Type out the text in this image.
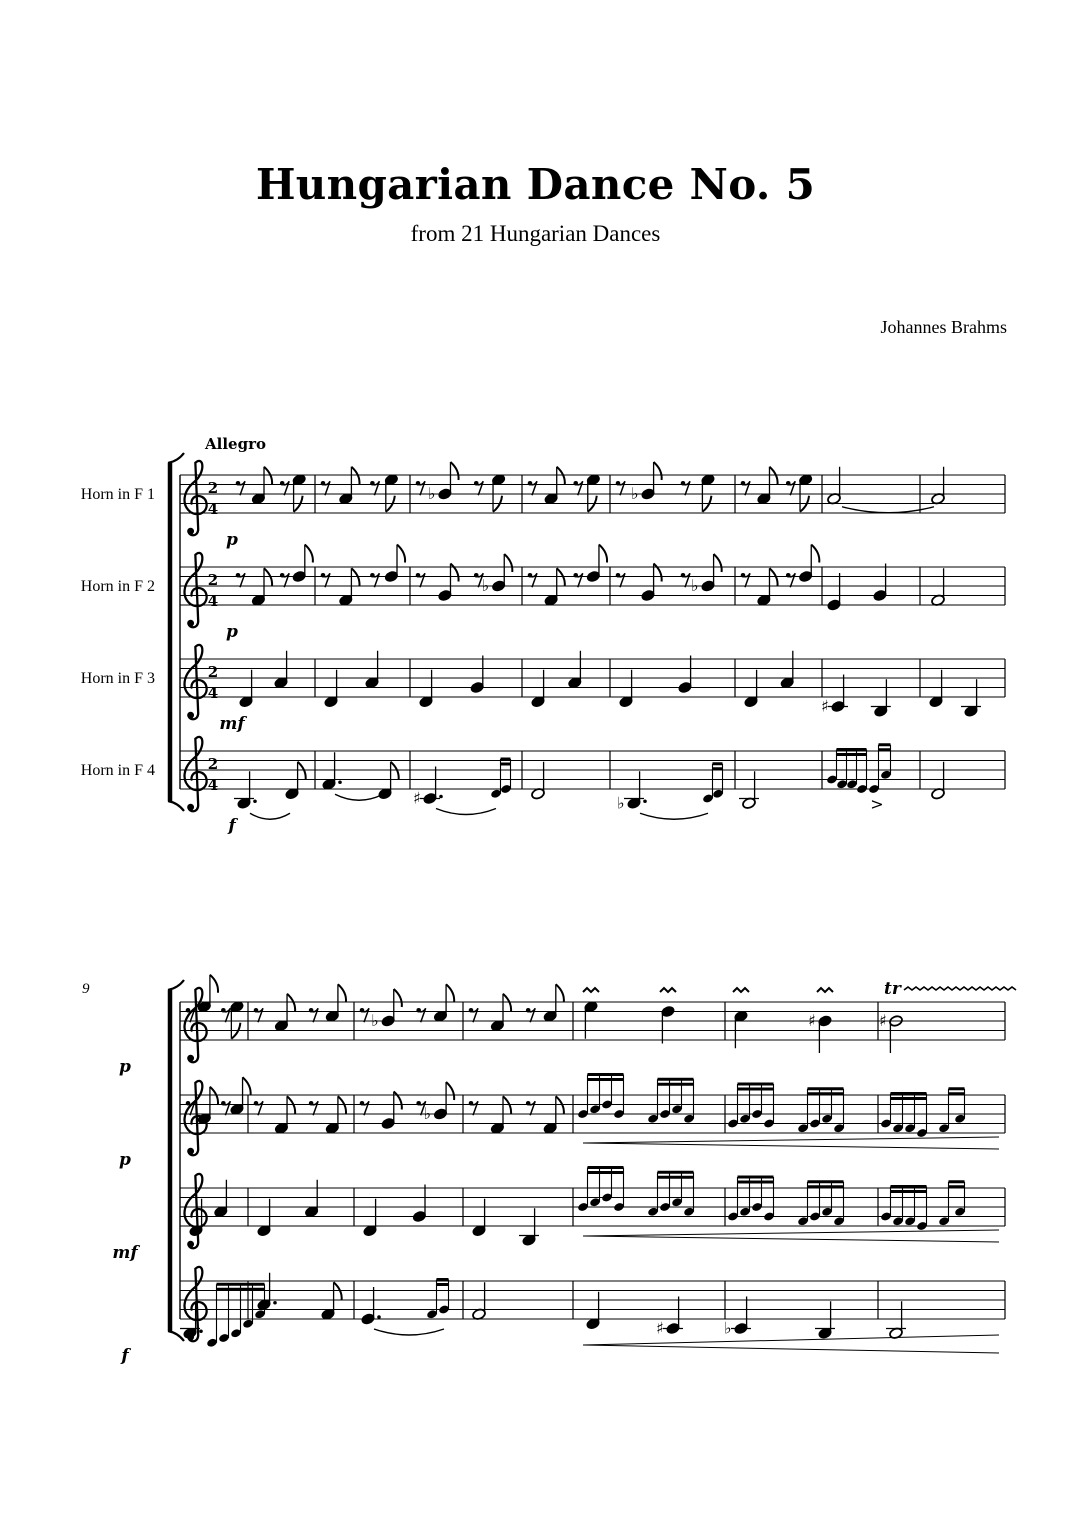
Hungarian Dance No. 5
from 21 Hungarian Dances
Johannes Brahms
2
4
Horn in F 1
p
2
4
Horn in F 2
p
2
4
Horn in F 3
mf
2
4
Horn in F 4
f
p
p
mf
f
9
Allegro
♭	♭
♭	♭
♯
♯	♭	>
♭	♯	♯
tr
♭
♯	♭
